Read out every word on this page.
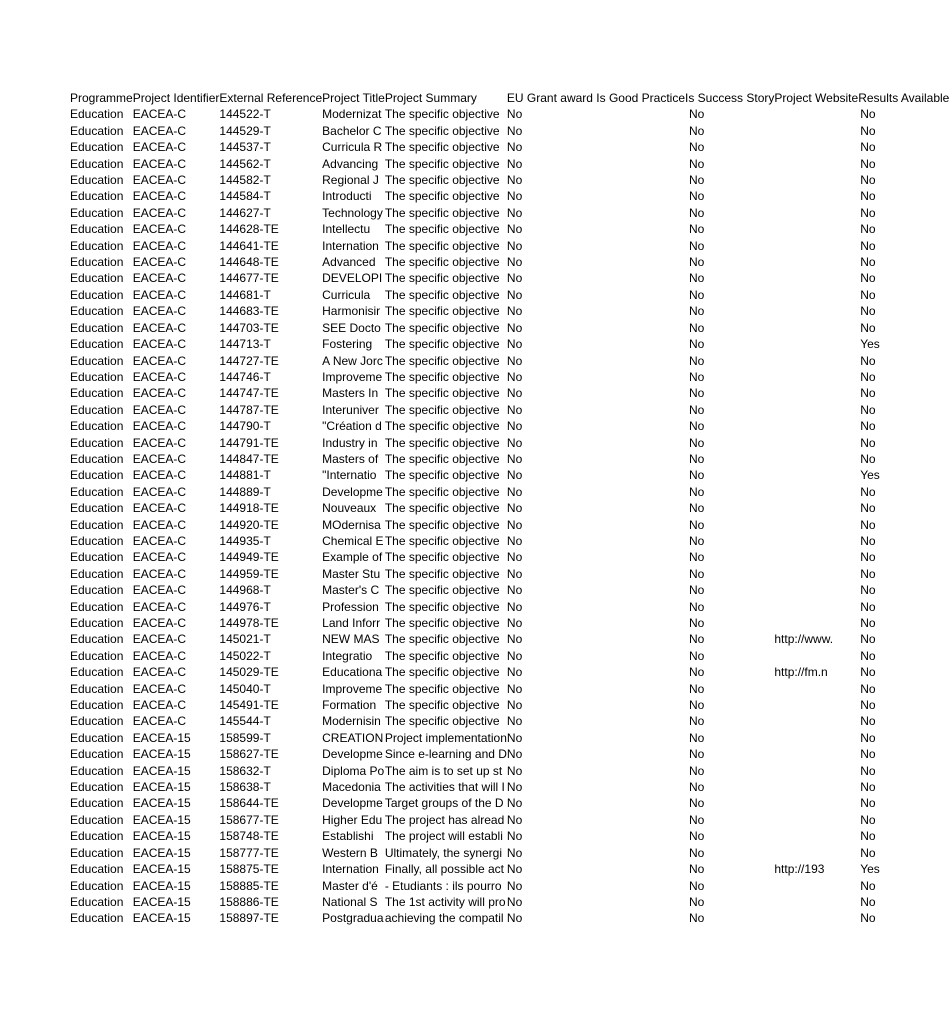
Programme	Project Identifier	External Reference	Project Title	Project Summary	EU Grant award Is Good Practice	Is Success Story	Project Website	Results Available
Education	EACEA-C	144522-T	Modernizat	The specific objective	No	No		No
Education	EACEA-C	144529-T	Bachelor C	The specific objective	No	No		No
Education	EACEA-C	144537-T	Curricula R	The specific objective	No	No		No
Education	EACEA-C	144562-T	Advancing	The specific objective	No	No		No
Education	EACEA-C	144582-T	Regional J	The specific objective	No	No		No
Education	EACEA-C	144584-T	Introducti	The specific objective	No	No		No
Education	EACEA-C	144627-T	Technology	The specific objective	No	No		No
Education	EACEA-C	144628-TE	Intellectu	The specific objective	No	No		No
Education	EACEA-C	144641-TE	Internation	The specific objective	No	No		No
Education	EACEA-C	144648-TE	Advanced	The specific objective	No	No		No
Education	EACEA-C	144677-TE	DEVELOPI	The specific objective	No	No		No
Education	EACEA-C	144681-T	Curricula	The specific objective	No	No		No
Education	EACEA-C	144683-TE	Harmonisir	The specific objective	No	No		No
Education	EACEA-C	144703-TE	SEE Docto	The specific objective	No	No		No
Education	EACEA-C	144713-T	Fostering	The specific objective	No	No		Yes
Education	EACEA-C	144727-TE	A New Jorc	The specific objective	No	No		No
Education	EACEA-C	144746-T	Improveme	The specific objective	No	No		No
Education	EACEA-C	144747-TE	Masters In	The specific objective	No	No		No
Education	EACEA-C	144787-TE	Interuniver	The specific objective	No	No		No
Education	EACEA-C	144790-T	"Création d	The specific objective	No	No		No
Education	EACEA-C	144791-TE	Industry in	The specific objective	No	No		No
Education	EACEA-C	144847-TE	Masters of	The specific objective	No	No		No
Education	EACEA-C	144881-T	"Internatio	The specific objective	No	No		Yes
Education	EACEA-C	144889-T	Developme	The specific objective	No	No		No
Education	EACEA-C	144918-TE	Nouveaux	The specific objective	No	No		No
Education	EACEA-C	144920-TE	MOdernisa	The specific objective	No	No		No
Education	EACEA-C	144935-T	Chemical E	The specific objective	No	No		No
Education	EACEA-C	144949-TE	Example of	The specific objective	No	No		No
Education	EACEA-C	144959-TE	Master Stu	The specific objective	No	No		No
Education	EACEA-C	144968-T	Master's C	The specific objective	No	No		No
Education	EACEA-C	144976-T	Profession	The specific objective	No	No		No
Education	EACEA-C	144978-TE	Land Inforr	The specific objective	No	No		No
Education	EACEA-C	145021-T	NEW MAS	The specific objective	No	No	http://www.	No
Education	EACEA-C	145022-T	Integratio	The specific objective	No	No		No
Education	EACEA-C	145029-TE	Educationa	The specific objective	No	No	http://fm.n	No
Education	EACEA-C	145040-T	Improveme	The specific objective	No	No		No
Education	EACEA-C	145491-TE	Formation	The specific objective	No	No		No
Education	EACEA-C	145544-T	Modernisin	The specific objective	No	No		No
Education	EACEA-15	158599-T	CREATION	Project implementation	No	No		No
Education	EACEA-15	158627-TE	Developme	Since e-learning and D	No	No		No
Education	EACEA-15	158632-T	Diploma Po	The aim is to set up st	No	No		No
Education	EACEA-15	158638-T	Macedonia	The activities that will I	No	No		No
Education	EACEA-15	158644-TE	Developme	Target groups of the D	No	No		No
Education	EACEA-15	158677-TE	Higher Edu	The project has alread	No	No		No
Education	EACEA-15	158748-TE	Establishi	The project will establi	No	No		No
Education	EACEA-15	158777-TE	Western B	Ultimately, the synergi	No	No		No
Education	EACEA-15	158875-TE	Internation	Finally, all possible act	No	No	http://193	Yes
Education	EACEA-15	158885-TE	Master d'é	- Etudiants : ils pourro	No	No		No
Education	EACEA-15	158886-TE	National S	The 1st activity will pro	No	No		No
Education	EACEA-15	158897-TE	Postgradua	achieving the compatil	No	No		No
